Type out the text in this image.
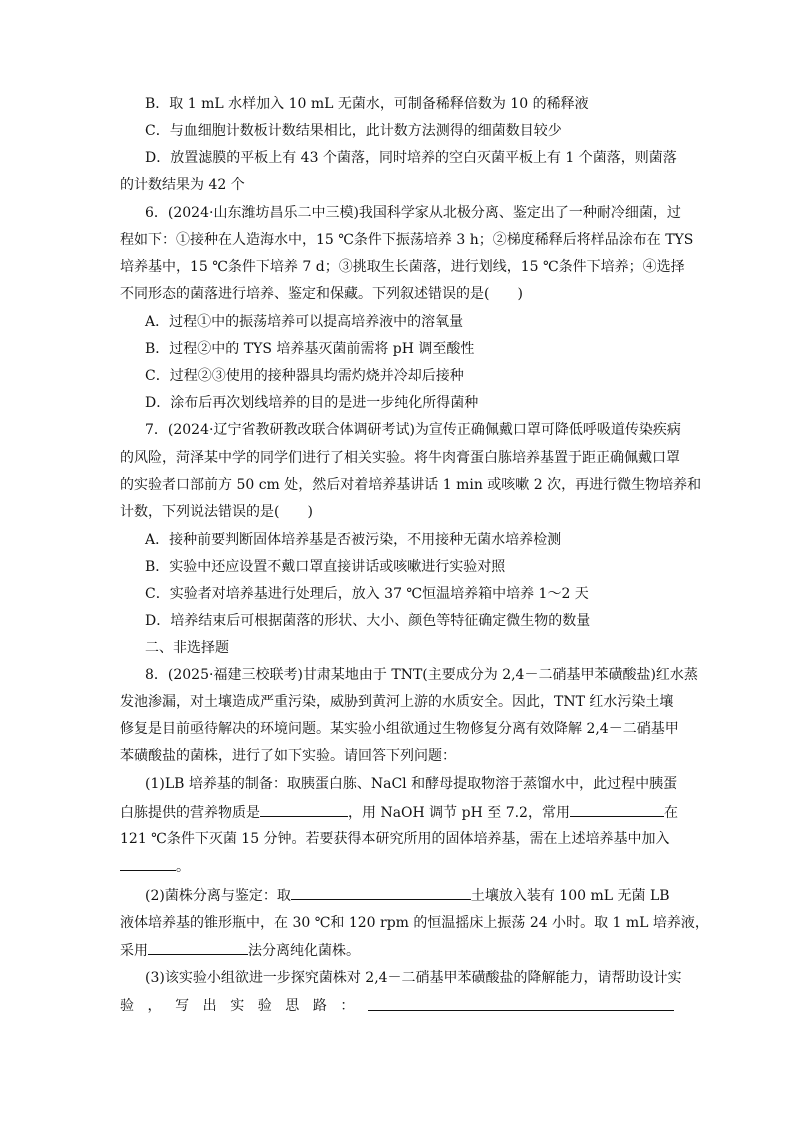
B．取 1 mL 水样加入 10 mL 无菌水，可制备稀释倍数为 10 的稀释液
C．与血细胞计数板计数结果相比，此计数方法测得的细菌数目较少
D．放置滤膜的平板上有 43 个菌落，同时培养的空白灭菌平板上有 1 个菌落，则菌落
的计数结果为 42 个
6．(2024·山东潍坊昌乐二中三模)我国科学家从北极分离、鉴定出了一种耐冷细菌，过
程如下：①接种在人造海水中，15 ℃条件下振荡培养 3 h；②梯度稀释后将样品涂布在 TYS
培养基中，15 ℃条件下培养 7 d；③挑取生长菌落，进行划线，15 ℃条件下培养；④选择
不同形态的菌落进行培养、鉴定和保藏。下列叙述错误的是(　　)
A．过程①中的振荡培养可以提高培养液中的溶氧量
B．过程②中的 TYS 培养基灭菌前需将 pH 调至酸性
C．过程②③使用的接种器具均需灼烧并冷却后接种
D．涂布后再次划线培养的目的是进一步纯化所得菌种
7．(2024·辽宁省教研教改联合体调研考试)为宣传正确佩戴口罩可降低呼吸道传染疾病
的风险，菏泽某中学的同学们进行了相关实验。将牛肉膏蛋白胨培养基置于距正确佩戴口罩
的实验者口部前方 50 cm 处，然后对着培养基讲话 1 min 或咳嗽 2 次，再进行微生物培养和
计数，下列说法错误的是(　　)
A．接种前要判断固体培养基是否被污染，不用接种无菌水培养检测
B．实验中还应设置不戴口罩直接讲话或咳嗽进行实验对照
C．实验者对培养基进行处理后，放入 37 ℃恒温培养箱中培养 1～2 天
D．培养结束后可根据菌落的形状、大小、颜色等特征确定微生物的数量
二、非选择题
8．(2025·福建三校联考)甘肃某地由于 TNT(主要成分为 2,4－二硝基甲苯磺酸盐)红水蒸
发池渗漏，对土壤造成严重污染，威胁到黄河上游的水质安全。因此，TNT 红水污染土壤
修复是目前亟待解决的环境问题。某实验小组欲通过生物修复分离有效降解 2,4－二硝基甲
苯磺酸盐的菌株，进行了如下实验。请回答下列问题：
(1)LB 培养基的制备：取胰蛋白胨、NaCl 和酵母提取物溶于蒸馏水中，此过程中胰蛋
白胨提供的营养物质是	，用 NaOH 调节 pH 至 7.2，常用	在
121 ℃条件下灭菌 15 分钟。若要获得本研究所用的固体培养基，需在上述培养基中加入
。
(2)菌株分离与鉴定：取	土壤放入装有 100 mL 无菌 LB
液体培养基的锥形瓶中，在 30 ℃和 120 rpm 的恒温摇床上振荡 24 小时。取 1 mL 培养液，
采用	法分离纯化菌株。
(3)该实验小组欲进一步探究菌株对 2,4－二硝基甲苯磺酸盐的降解能力，请帮助设计实
验 ， 写 出 实 验 思 路 ：
